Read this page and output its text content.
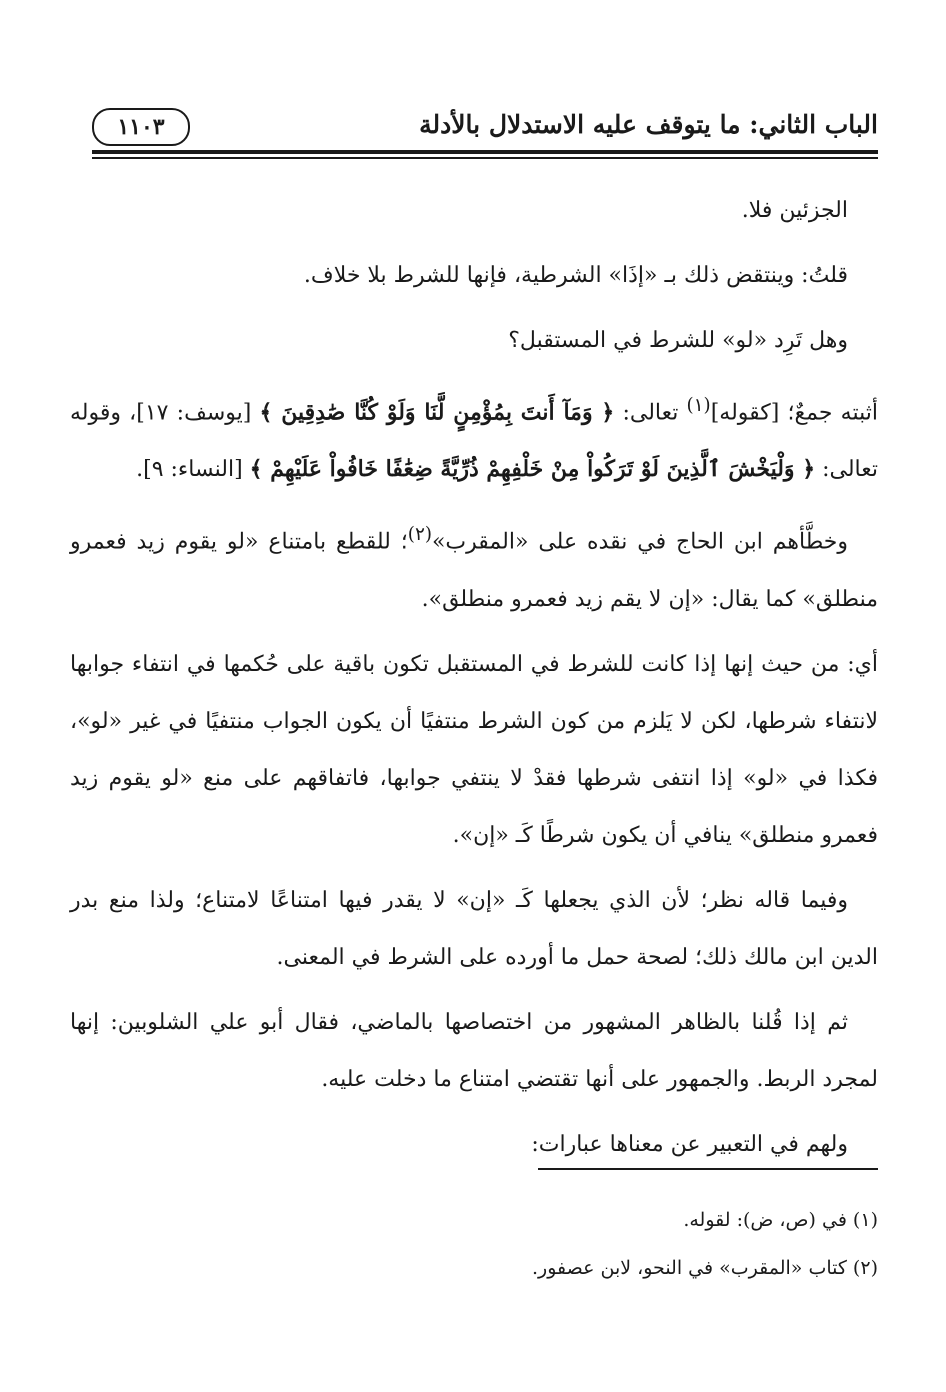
الباب الثاني: ما يتوقف عليه الاستدلال بالأدلة
١١٠٣

الجزئين فلا.

قلتُ: وينتقض ذلك بـ «إذَا» الشرطية، فإنها للشرط بلا خلاف.

وهل تَرِد «لو» للشرط في المستقبل؟

أثبته جمعٌ؛ [كقوله]$^{(١)}$ تعالى: ﴿ وَمَآ أَنتَ بِمُؤْمِنٍ لَّنَا وَلَوْ كُنَّا صَٰدِقِينَ ﴾ [يوسف: ١٧]، وقوله تعالى: ﴿ وَلْيَخْشَ ٱلَّذِينَ لَوْ تَرَكُواْ مِنْ خَلْفِهِمْ ذُرِّيَّةً ضِعَٰفًا خَافُواْ عَلَيْهِمْ ﴾ [النساء: ٩].

وخطَّأهم ابن الحاج في نقده على «المقرب»$^{(٢)}$؛ للقطع بامتناع «لو يقوم زيد فعمرو منطلق» كما يقال: «إن لا يقم زيد فعمرو منطلق».

أي: من حيث إنها إذا كانت للشرط في المستقبل تكون باقية على حُكمها في انتفاء جوابها لانتفاء شرطها، لكن لا يَلزم من كون الشرط منتفيًا أن يكون الجواب منتفيًا في غير «لو»، فكذا في «لو» إذا انتفى شرطها فقدْ لا ينتفي جوابها، فاتفاقهم على منع «لو يقوم زيد فعمرو منطلق» ينافي أن يكون شرطًا كَـ «إن».

وفيما قاله نظر؛ لأن الذي يجعلها كَـ «إن» لا يقدر فيها امتناعًا لامتناع؛ ولذا منع بدر الدين ابن مالك ذلك؛ لصحة حمل ما أورده على الشرط في المعنى.

ثم إذا قُلنا بالظاهر المشهور من اختصاصها بالماضي، فقال أبو علي الشلوبين: إنها لمجرد الربط. والجمهور على أنها تقتضي امتناع ما دخلت عليه.

ولهم في التعبير عن معناها عبارات:

(١) في (ص، ض): لقوله.

(٢) كتاب «المقرب» في النحو، لابن عصفور.
